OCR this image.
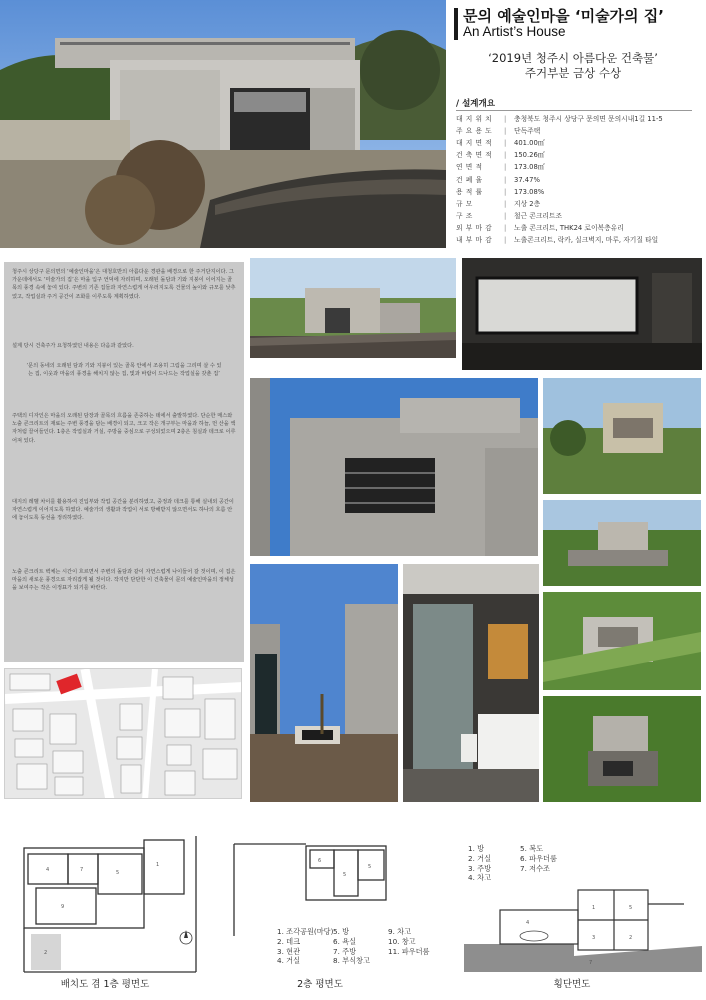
문의 예술인마을 ‘미술가의 집’
An Artist’s House
‘2019년 청주시 아름다운 건축물’
주거부분 금상 수상
/ 설계개요
대 지 위 치 | 충청북도 청주시 상당구 문의면 문의시내1길 11-5
주 요 용 도 | 단독주택
대 지 면 적 | 401.00㎡
건 축 면 적 | 150.26㎡
연 면 적	| 173.08㎡
건 폐 율	| 37.47%
용 적 률	| 173.08%
규 모	| 지상 2층
구 조	| 철근 콘크리트조
외 부 마 감 | 노출 콘크리트, THK24 로이복층유리
내 부 마 감 | 노출콘크리트, 락카, 실크벽지, 마루, 자기질 타일
청주시 상당구 문의면의 ‘예술인마을’은 대청호반의 아름다운 경관을 배경으로 한 주거단지이다. 그 가운데에서도 ‘미술가의 집’은 마을 입구 언덕에 자리하며, 오래된 돌담과 기와 지붕이 이어지는 골목의 풍경 속에 놓여 있다. 주변의 기존 집들과 자연스럽게 어우러지도록 건물의 높이와 규모를 낮추었고, 작업실과 주거 공간이 조화를 이루도록 계획하였다.
설계 당시 건축주가 요청하였던 내용은 다음과 같았다.
‘문의 동네의 오래된 담과 기와 지붕이 있는 골목 안에서 조용히 그림을 그리며 살 수 있는 집, 이웃과 마을의 풍경을 해치지 않는 집, 빛과 바람이 드나드는 작업실을 갖춘 집’
주택의 디자인은 마을의 오래된 담장과 골목의 흐름을 존중하는 데에서 출발하였다. 단순한 매스와 노출 콘크리트의 재료는 주변 풍경을 담는 배경이 되고, 크고 작은 개구부는 마을과 하늘, 먼 산을 액자처럼 끌어들인다. 1층은 작업실과 거실, 주방을 중심으로 구성되었으며 2층은 침실과 데크로 이루어져 있다.
대지의 레벨 차이를 활용하여 진입부와 작업 공간을 분리하였고, 중정과 데크를 통해 실내외 공간이 자연스럽게 이어지도록 하였다. 예술가의 생활과 작업이 서로 방해받지 않으면서도 하나의 흐름 안에 놓이도록 동선을 정리하였다.
노출 콘크리트 벽체는 시간이 흐르면서 주변의 돌담과 같이 자연스럽게 나이들어 갈 것이며, 이 집은 마을의 새로운 풍경으로 자리잡게 될 것이다. 작지만 단단한 이 건축물이 문의 예술인마을의 정체성을 보여주는 작은 이정표가 되기를 바란다.
4	7	5
9
1
2
배치도 겸 1층 평면도
6
5
5
1. 조각공원(마당)
2. 데크
3. 현관
4. 거실
5. 방
6. 욕실
7. 주방
8. 부식창고
9. 차고
10. 창고
11. 파우더룸
2층 평면도
1. 방
2. 거실
3. 주방
4. 차고
5. 복도
6. 파우더룸
7. 저수조
4
1	5
3	2
7
횡단면도
